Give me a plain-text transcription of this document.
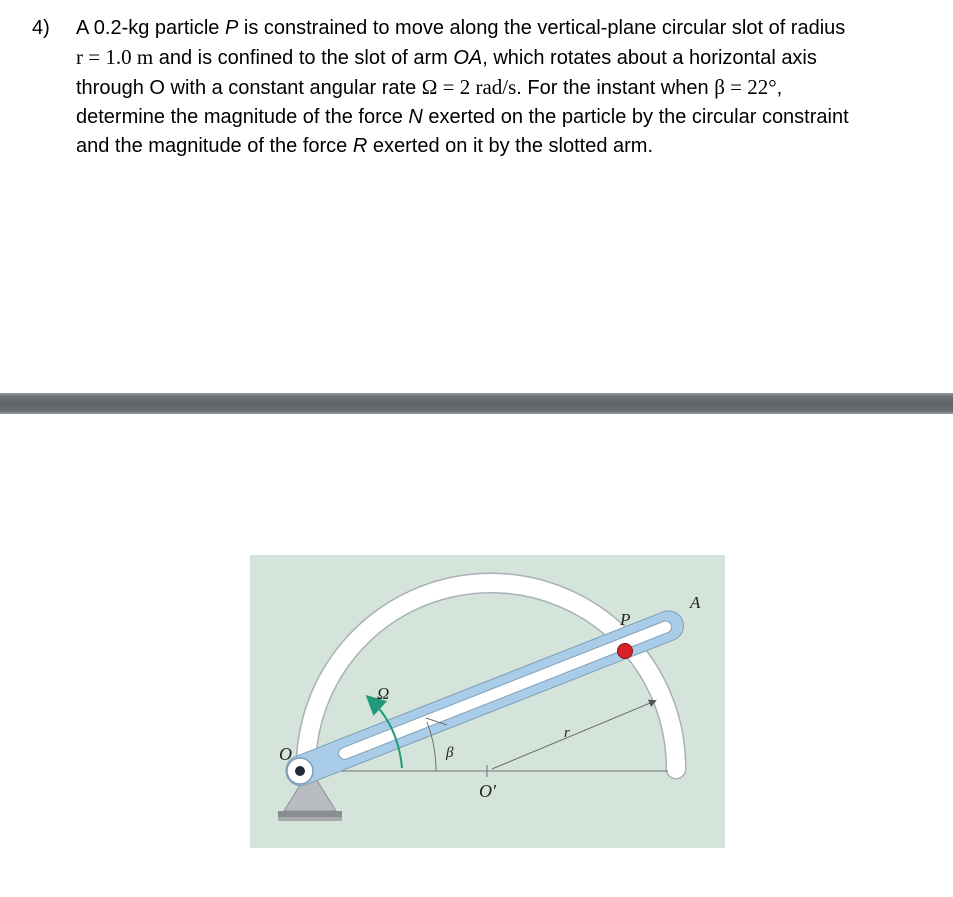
4) A 0.2-kg particle P is constrained to move along the vertical-plane circular slot of radius

r = 1.0 m and is confined to the slot of arm OA, which rotates about a horizontal axis

through O with a constant angular rate Ω = 2 rad/s. For the instant when β = 22°,

determine the magnitude of the force N exerted on the particle by the circular constraint

and the magnitude of the force R exerted on it by the slotted arm.

O
A
P
Ω
β
r
O′
